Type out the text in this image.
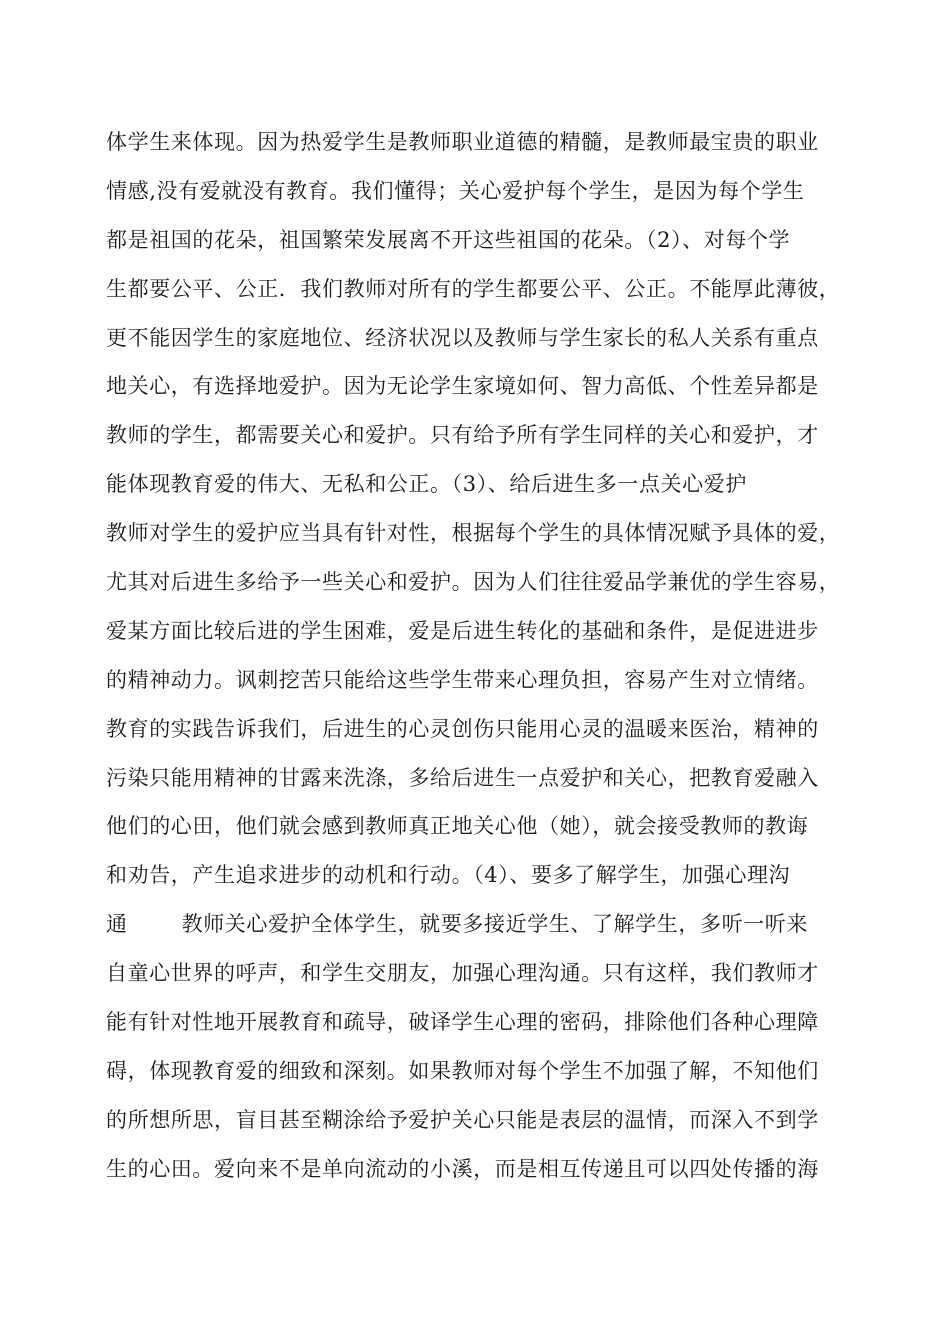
体学生来体现。因为热爱学生是教师职业道德的精髓，是教师最宝贵的职业
情感,没有爱就没有教育。我们懂得；关心爱护每个学生，是因为每个学生
都是祖国的花朵，祖国繁荣发展离不开这些祖国的花朵。（2）、对每个学
生都要公平、公正．我们教师对所有的学生都要公平、公正。不能厚此薄彼，
更不能因学生的家庭地位、经济状况以及教师与学生家长的私人关系有重点
地关心，有选择地爱护。因为无论学生家境如何、智力高低、个性差异都是
教师的学生，都需要关心和爱护。只有给予所有学生同样的关心和爱护，才
能体现教育爱的伟大、无私和公正。（3）、给后进生多一点关心爱护
教师对学生的爱护应当具有针对性，根据每个学生的具体情况赋予具体的爱，
尤其对后进生多给予一些关心和爱护。因为人们往往爱品学兼优的学生容易，
爱某方面比较后进的学生困难，爱是后进生转化的基础和条件，是促进进步
的精神动力。讽刺挖苦只能给这些学生带来心理负担，容易产生对立情绪。
教育的实践告诉我们，后进生的心灵创伤只能用心灵的温暖来医治，精神的
污染只能用精神的甘露来洗涤，多给后进生一点爱护和关心，把教育爱融入
他们的心田，他们就会感到教师真正地关心他（她），就会接受教师的教诲
和劝告，产生追求进步的动机和行动。（4）、要多了解学生，加强心理沟
通	教师关心爱护全体学生，就要多接近学生、了解学生，多听一听来
自童心世界的呼声，和学生交朋友，加强心理沟通。只有这样，我们教师才
能有针对性地开展教育和疏导，破译学生心理的密码，排除他们各种心理障
碍，体现教育爱的细致和深刻。如果教师对每个学生不加强了解，不知他们
的所想所思，盲目甚至糊涂给予爱护关心只能是表层的温情，而深入不到学
生的心田。爱向来不是单向流动的小溪，而是相互传递且可以四处传播的海
